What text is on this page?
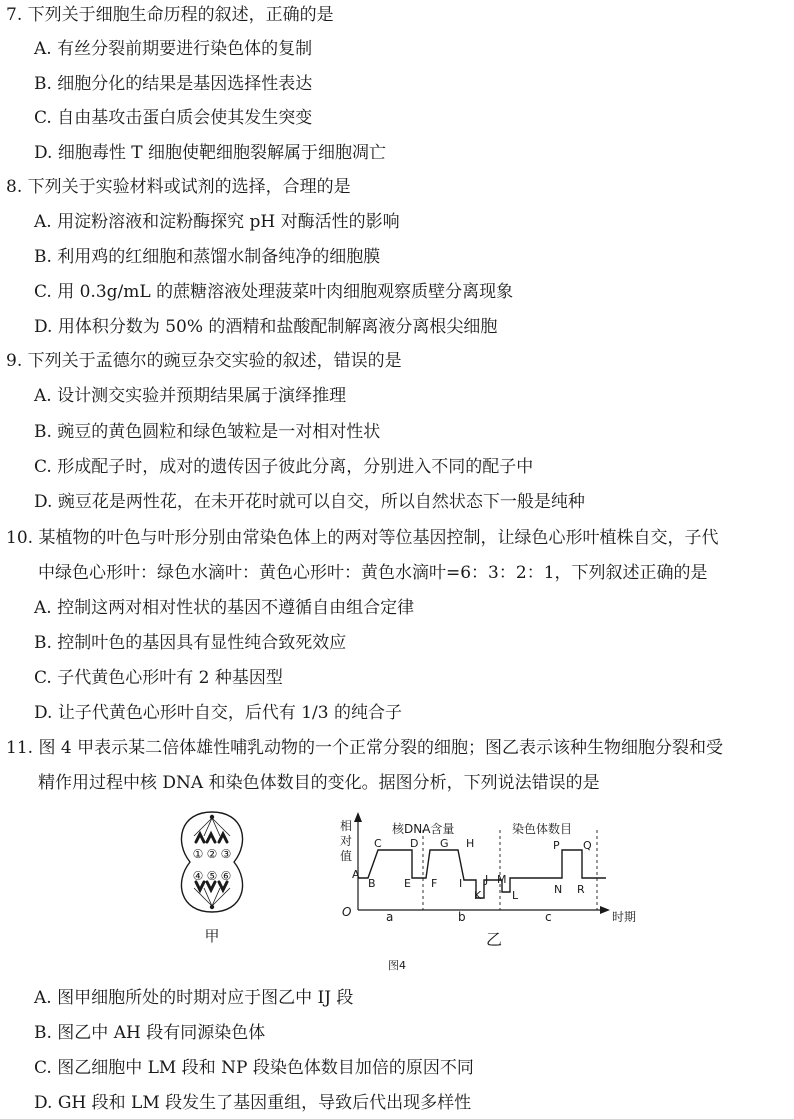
7. 下列关于细胞生命历程的叙述，正确的是
A. 有丝分裂前期要进行染色体的复制
B. 细胞分化的结果是基因选择性表达
C. 自由基攻击蛋白质会使其发生突变
D. 细胞毒性 T 细胞使靶细胞裂解属于细胞凋亡
8. 下列关于实验材料或试剂的选择，合理的是
A. 用淀粉溶液和淀粉酶探究 pH 对酶活性的影响
B. 利用鸡的红细胞和蒸馏水制备纯净的细胞膜
C. 用 0.3g/mL 的蔗糖溶液处理菠菜叶肉细胞观察质壁分离现象
D. 用体积分数为 50% 的酒精和盐酸配制解离液分离根尖细胞
9. 下列关于孟德尔的豌豆杂交实验的叙述，错误的是
A. 设计测交实验并预期结果属于演绎推理
B. 豌豆的黄色圆粒和绿色皱粒是一对相对性状
C. 形成配子时，成对的遗传因子彼此分离，分别进入不同的配子中
D. 豌豆花是两性花，在未开花时就可以自交，所以自然状态下一般是纯种
10. 某植物的叶色与叶形分别由常染色体上的两对等位基因控制，让绿色心形叶植株自交，子代
中绿色心形叶：绿色水滴叶：黄色心形叶：黄色水滴叶=6：3：2：1，下列叙述正确的是
A. 控制这两对相对性状的基因不遵循自由组合定律
B. 控制叶色的基因具有显性纯合致死效应
C. 子代黄色心形叶有 2 种基因型
D. 让子代黄色心形叶自交，后代有 1/3 的纯合子
11. 图 4 甲表示某二倍体雄性哺乳动物的一个正常分裂的细胞；图乙表示该种生物细胞分裂和受
精作用过程中核 DNA 和染色体数目的变化。据图分析，下列说法错误的是
① ② ③
④ ⑤ ⑥
甲
相
对
值
O	时期
核DNA含量	染色体数目
A
B
C	D
E F
G H
I J
K
M
L	N
P Q
R
a	b	c
乙
图4
A. 图甲细胞所处的时期对应于图乙中 IJ 段
B. 图乙中 AH 段有同源染色体
C. 图乙细胞中 LM 段和 NP 段染色体数目加倍的原因不同
D. GH 段和 LM 段发生了基因重组，导致后代出现多样性
